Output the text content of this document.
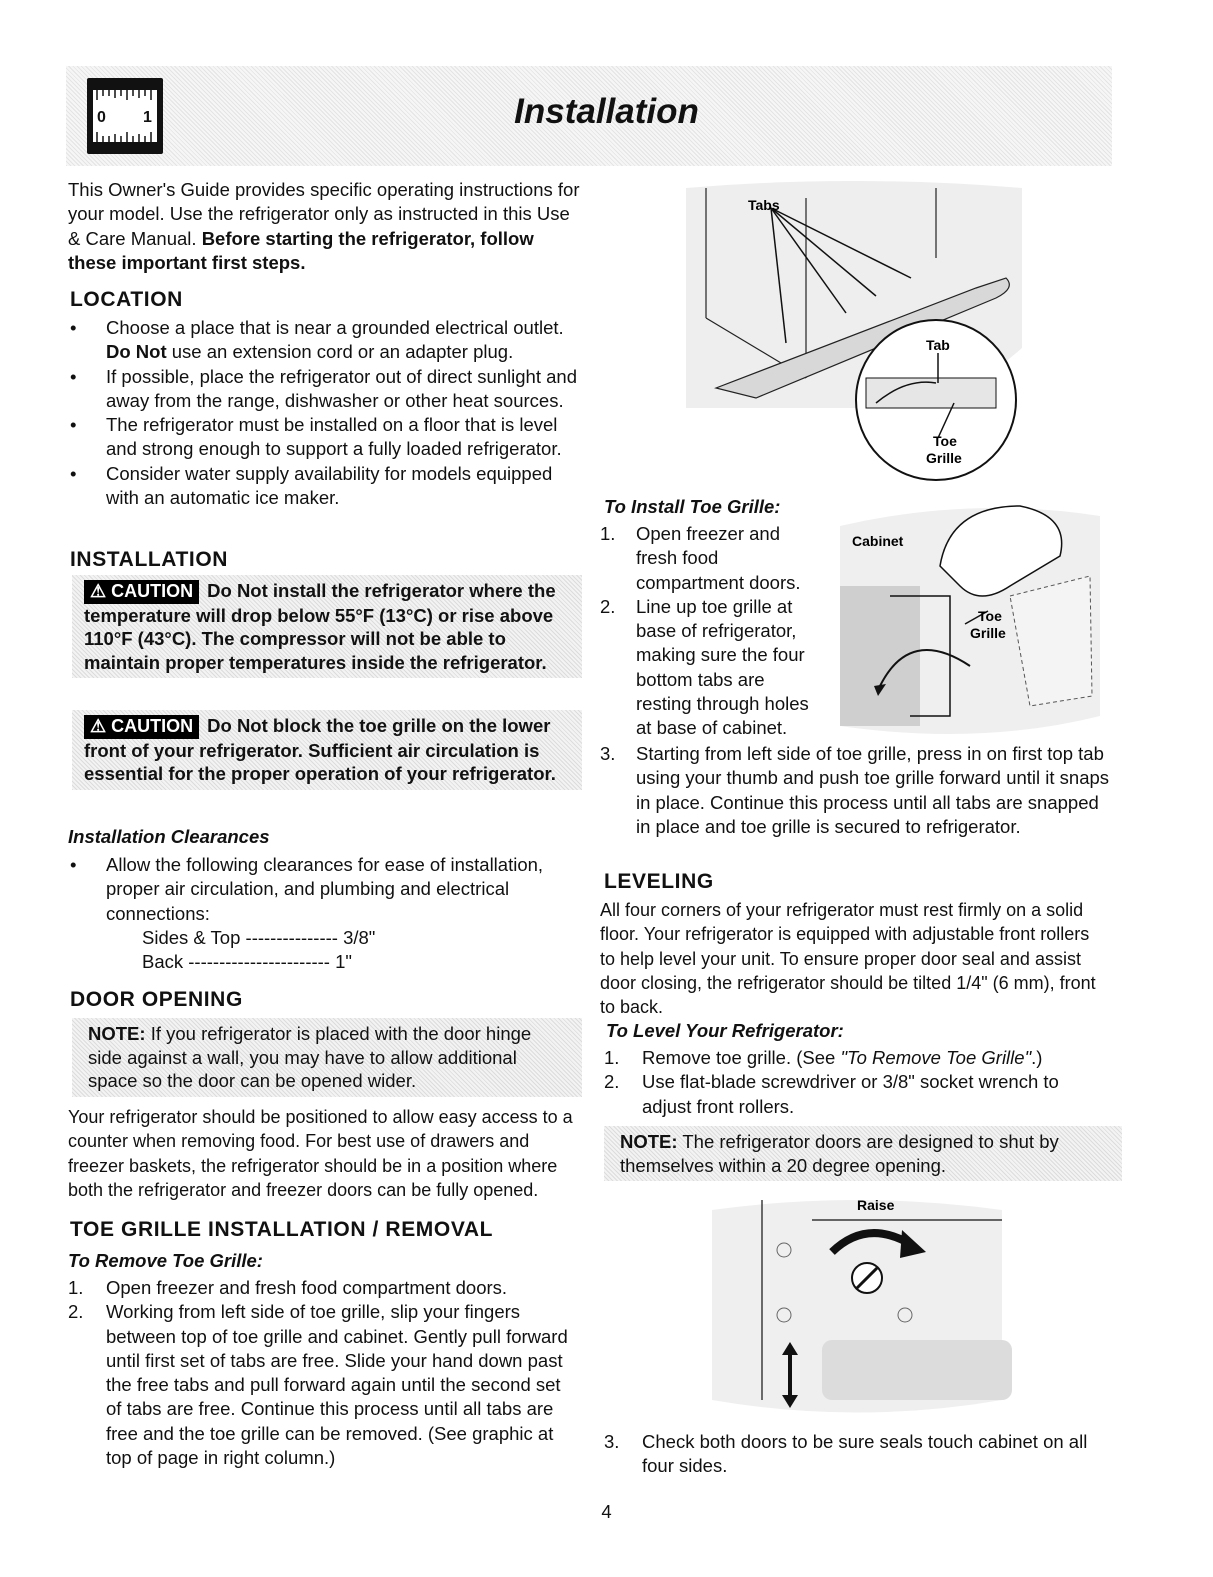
0 1	Installation
This Owner's Guide provides specific operating instructions for your model. Use the refrigerator only as instructed in this Use & Care Manual. Before starting the refrigerator, follow these important first steps.
LOCATION
• Choose a place that is near a grounded electrical outlet.
Do Not use an extension cord or an adapter plug.
• If possible, place the refrigerator out of direct sunlight and away from the range, dishwasher or other heat sources.
• The refrigerator must be installed on a floor that is level and strong enough to support a fully loaded refrigerator.
• Consider water supply availability for models equipped with an automatic ice maker.
INSTALLATION
⚠ CAUTION Do Not install the refrigerator where the temperature will drop below 55°F (13°C) or rise above 110°F (43°C). The compressor will not be able to maintain proper temperatures inside the refrigerator.
⚠ CAUTION Do Not block the toe grille on the lower front of your refrigerator. Sufficient air circulation is essential for the proper operation of your refrigerator.
Installation Clearances
• Allow the following clearances for ease of installation, proper air circulation, and plumbing and electrical connections:
Sides & Top --------------- 3/8"
Back ----------------------- 1"
DOOR OPENING
NOTE: If you refrigerator is placed with the door hinge side against a wall, you may have to allow additional space so the door can be opened wider.
Your refrigerator should be positioned to allow easy access to a counter when removing food. For best use of drawers and freezer baskets, the refrigerator should be in a position where both the refrigerator and freezer doors can be fully opened.
TOE GRILLE INSTALLATION / REMOVAL
To Remove Toe Grille:
1. Open freezer and fresh food compartment doors.
2. Working from left side of toe grille, slip your fingers between top of toe grille and cabinet. Gently pull forward until first set of tabs are free. Slide your hand down past the free tabs and pull forward again until the second set of tabs are free. Continue this process until all tabs are free and the toe grille can be removed. (See graphic at top of page in right column.)
Tabs
Tab
Toe
Grille
To Install Toe Grille:
1. Open freezer and fresh food compartment doors.
2. Line up toe grille at base of refrigerator, making sure the four bottom tabs are resting through holes at base of cabinet.
3. Starting from left side of toe grille, press in on first top tab using your thumb and push toe grille forward until it snaps in place. Continue this process until all tabs are snapped in place and toe grille is secured to refrigerator.
Cabinet
Toe
Grille
LEVELING
All four corners of your refrigerator must rest firmly on a solid floor. Your refrigerator is equipped with adjustable front rollers to help level your unit. To ensure proper door seal and assist door closing, the refrigerator should be tilted 1/4" (6 mm), front to back.
To Level Your Refrigerator:
1. Remove toe grille. (See "To Remove Toe Grille".)
2. Use flat-blade screwdriver or 3/8" socket wrench to adjust front rollers.
NOTE: The refrigerator doors are designed to shut by themselves within a 20 degree opening.
Raise
3. Check both doors to be sure seals touch cabinet on all four sides.
4
